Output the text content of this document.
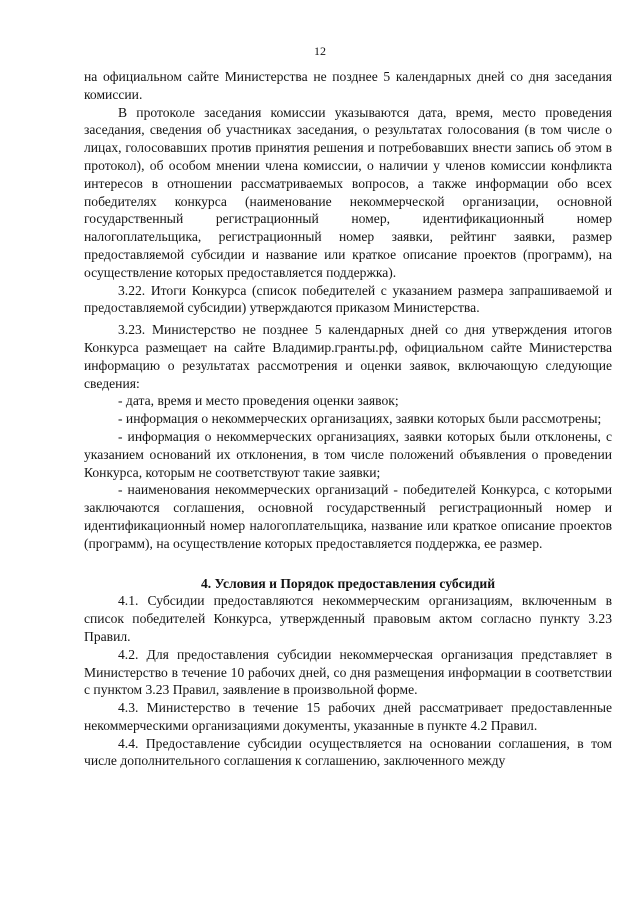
12

на официальном сайте Министерства не позднее 5 календарных дней со дня заседания комиссии.

В протоколе заседания комиссии указываются дата, время, место проведения заседания, сведения об участниках заседания, о результатах голосования (в том числе о лицах, голосовавших против принятия решения и потребовавших внести запись об этом в протокол), об особом мнении члена комиссии, о наличии у членов комиссии конфликта интересов в отношении рассматриваемых вопросов, а также информации обо всех победителях конкурса (наименование некоммерческой организации, основной государственный регистрационный номер, идентификационный номер налогоплательщика, регистрационный номер заявки, рейтинг заявки, размер предоставляемой субсидии и название или краткое описание проектов (программ), на осуществление которых предоставляется поддержка).

3.22. Итоги Конкурса (список победителей с указанием размера запрашиваемой и предоставляемой субсидии) утверждаются приказом Министерства.

3.23. Министерство не позднее 5 календарных дней со дня утверждения итогов Конкурса размещает на сайте Владимир.гранты.рф, официальном сайте Министерства информацию о результатах рассмотрения и оценки заявок, включающую следующие сведения:

- дата, время и место проведения оценки заявок;

- информация о некоммерческих организациях, заявки которых были рассмотрены;

- информация о некоммерческих организациях, заявки которых были отклонены, с указанием оснований их отклонения, в том числе положений объявления о проведении Конкурса, которым не соответствуют такие заявки;

- наименования некоммерческих организаций - победителей Конкурса, с которыми заключаются соглашения, основной государственный регистрационный номер и идентификационный номер налогоплательщика, название или краткое описание проектов (программ), на осуществление которых предоставляется поддержка, ее размер.

4. Условия и Порядок предоставления субсидий

4.1. Субсидии предоставляются некоммерческим организациям, включенным в список победителей Конкурса, утвержденный правовым актом согласно пункту 3.23 Правил.

4.2. Для предоставления субсидии некоммерческая организация представляет в Министерство в течение 10 рабочих дней, со дня размещения информации в соответствии с пунктом 3.23 Правил, заявление в произвольной форме.

4.3. Министерство в течение 15 рабочих дней рассматривает предоставленные некоммерческими организациями документы, указанные в пункте 4.2 Правил.

4.4. Предоставление субсидии осуществляется на основании соглашения, в том числе дополнительного соглашения к соглашению, заключенного между
